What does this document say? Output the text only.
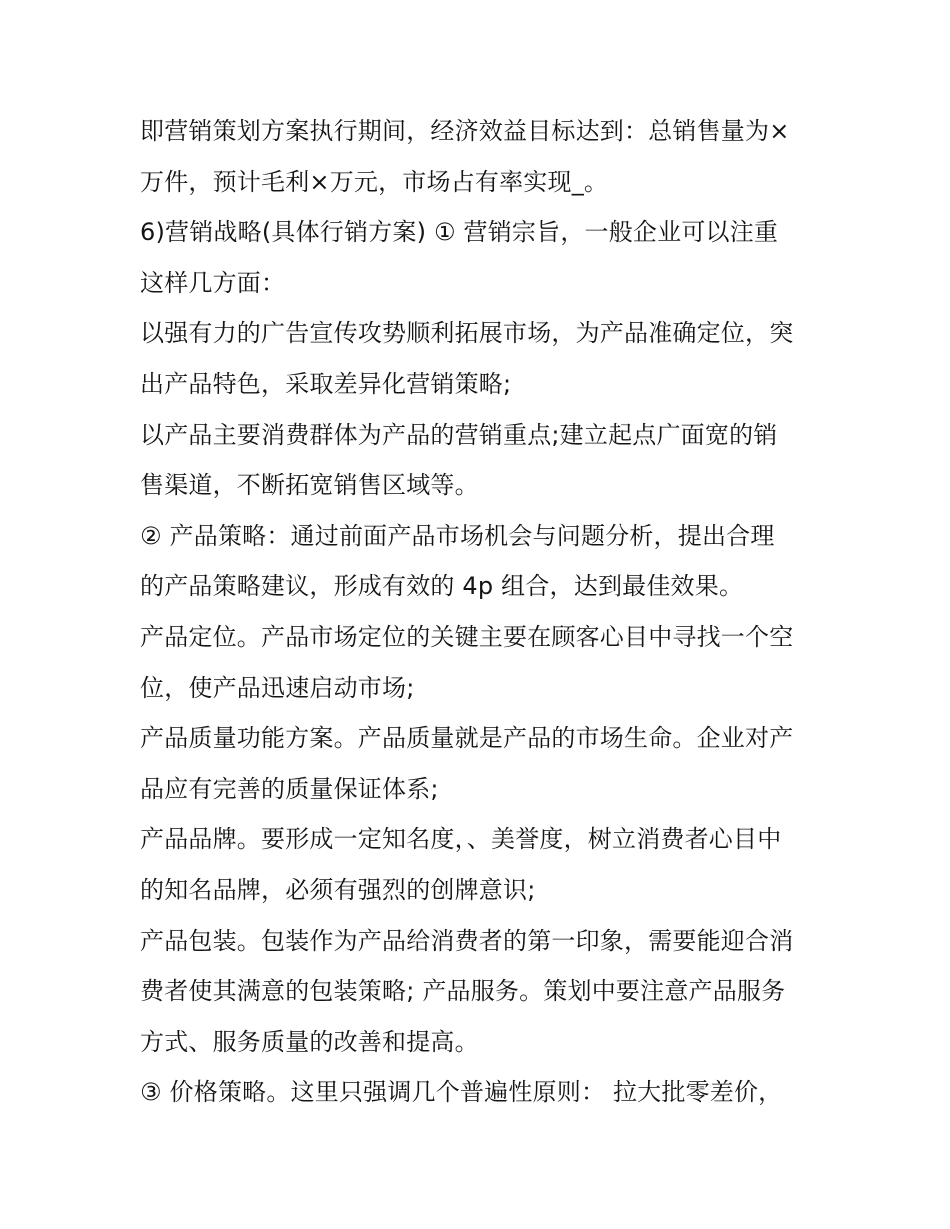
即营销策划方案执行期间，经济效益目标达到：总销售量为×
万件，预计毛利×万元，市场占有率实现_。
6)营销战略(具体行销方案) ① 营销宗旨，一般企业可以注重
这样几方面：
以强有力的广告宣传攻势顺利拓展市场，为产品准确定位，突
出产品特色，采取差异化营销策略;
以产品主要消费群体为产品的营销重点;建立起点广面宽的销
售渠道，不断拓宽销售区域等。
② 产品策略：通过前面产品市场机会与问题分析，提出合理
的产品策略建议，形成有效的 4p 组合，达到最佳效果。
产品定位。产品市场定位的关键主要在顾客心目中寻找一个空
位，使产品迅速启动市场;
产品质量功能方案。产品质量就是产品的市场生命。企业对产
品应有完善的质量保证体系;
产品品牌。要形成一定知名度，、美誉度，树立消费者心目中
的知名品牌，必须有强烈的创牌意识;
产品包装。包装作为产品给消费者的第一印象，需要能迎合消
费者使其满意的包装策略; 产品服务。策划中要注意产品服务
方式、服务质量的改善和提高。
③ 价格策略。这里只强调几个普遍性原则： 拉大批零差价，
